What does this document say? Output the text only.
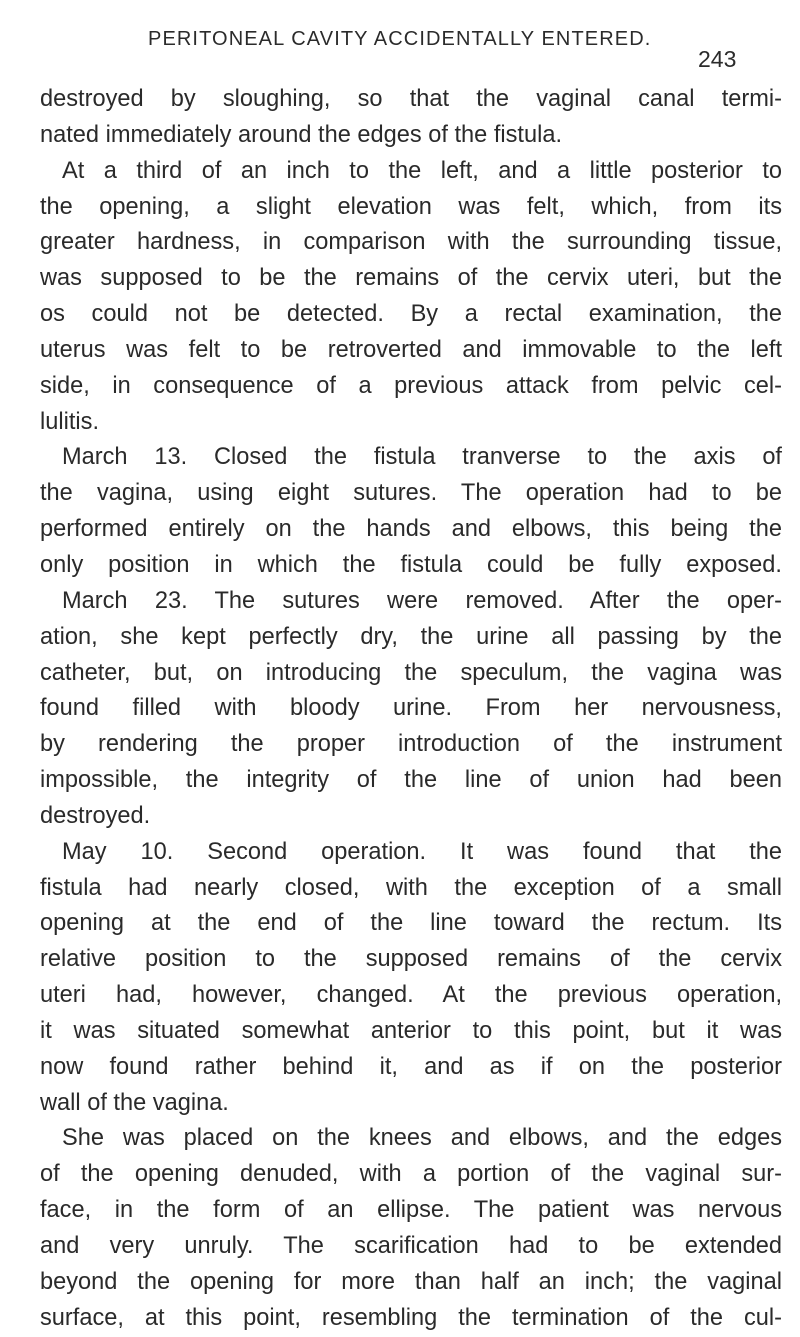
PERITONEAL CAVITY ACCIDENTALLY ENTERED.
243
destroyed by sloughing, so that the vaginal canal termi-
nated immediately around the edges of the fistula.
At a third of an inch to the left, and a little posterior to
the opening, a slight elevation was felt, which, from its
greater hardness, in comparison with the surrounding tissue,
was supposed to be the remains of the cervix uteri, but the
os could not be detected. By a rectal examination, the
uterus was felt to be retroverted and immovable to the left
side, in consequence of a previous attack from pelvic cel-
lulitis.
March 13. Closed the fistula tranverse to the axis of
the vagina, using eight sutures. The operation had to be
performed entirely on the hands and elbows, this being the
only position in which the fistula could be fully exposed.
March 23. The sutures were removed. After the oper-
ation, she kept perfectly dry, the urine all passing by the
catheter, but, on introducing the speculum, the vagina was
found filled with bloody urine. From her nervousness,
by rendering the proper introduction of the instrument
impossible, the integrity of the line of union had been
destroyed.
May 10. Second operation. It was found that the
fistula had nearly closed, with the exception of a small
opening at the end of the line toward the rectum. Its
relative position to the supposed remains of the cervix
uteri had, however, changed. At the previous operation,
it was situated somewhat anterior to this point, but it was
now found rather behind it, and as if on the posterior
wall of the vagina.
She was placed on the knees and elbows, and the edges
of the opening denuded, with a portion of the vaginal sur-
face, in the form of an ellipse. The patient was nervous
and very unruly. The scarification had to be extended
beyond the opening for more than half an inch; the vaginal
surface, at this point, resembling the termination of the cul-
